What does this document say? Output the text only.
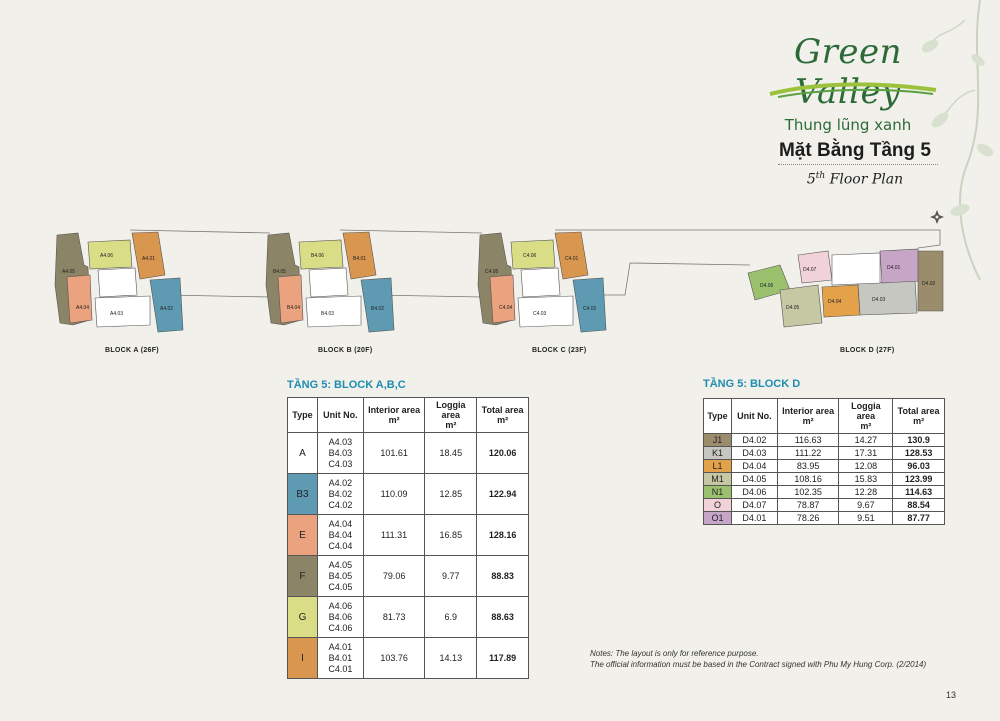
Green Valley
Thung lũng xanh
Mặt Bằng Tầng 5
5th Floor Plan
A4.05
A4.06	A4.01
A4.04
A4.03
A4.02
B4.05
B4.06	B4.01
B4.04
B4.03
B4.02
C4.05
C4.06	C4.01
C4.04
C4.03
C4.02
D4.06
D4.07	D4.01
D4.02
D4.05
D4.04	D4.03
BLOCK A (26F)	BLOCK B (20F)	BLOCK C (23F)	BLOCK D (27F)
TẦNG 5: BLOCK A,B,C
Type	Unit No.	Interior area
m²	Loggia area
m²	Total area
m²
A	A4.03
B4.03
C4.03	101.61	18.45	120.06
B3	A4.02
B4.02
C4.02	110.09	12.85	122.94
E	A4.04
B4.04
C4.04	111.31	16.85	128.16
F	A4.05
B4.05
C4.05	79.06	9.77	88.83
G	A4.06
B4.06
C4.06	81.73	6.9	88.63
I	A4.01
B4.01
C4.01	103.76	14.13	117.89
TẦNG 5: BLOCK D
Type	Unit No.	Interior area
m²	Loggia area
m²	Total area
m²
J1	D4.02	116.63	14.27	130.9
K1	D4.03	111.22	17.31	128.53
L1	D4.04	83.95	12.08	96.03
M1	D4.05	108.16	15.83	123.99
N1	D4.06	102.35	12.28	114.63
O	D4.07	78.87	9.67	88.54
O1	D4.01	78.26	9.51	87.77
Notes: The layout is only for reference purpose.
The official information must be based in the Contract signed with Phu My Hung Corp. (2/2014)
13
